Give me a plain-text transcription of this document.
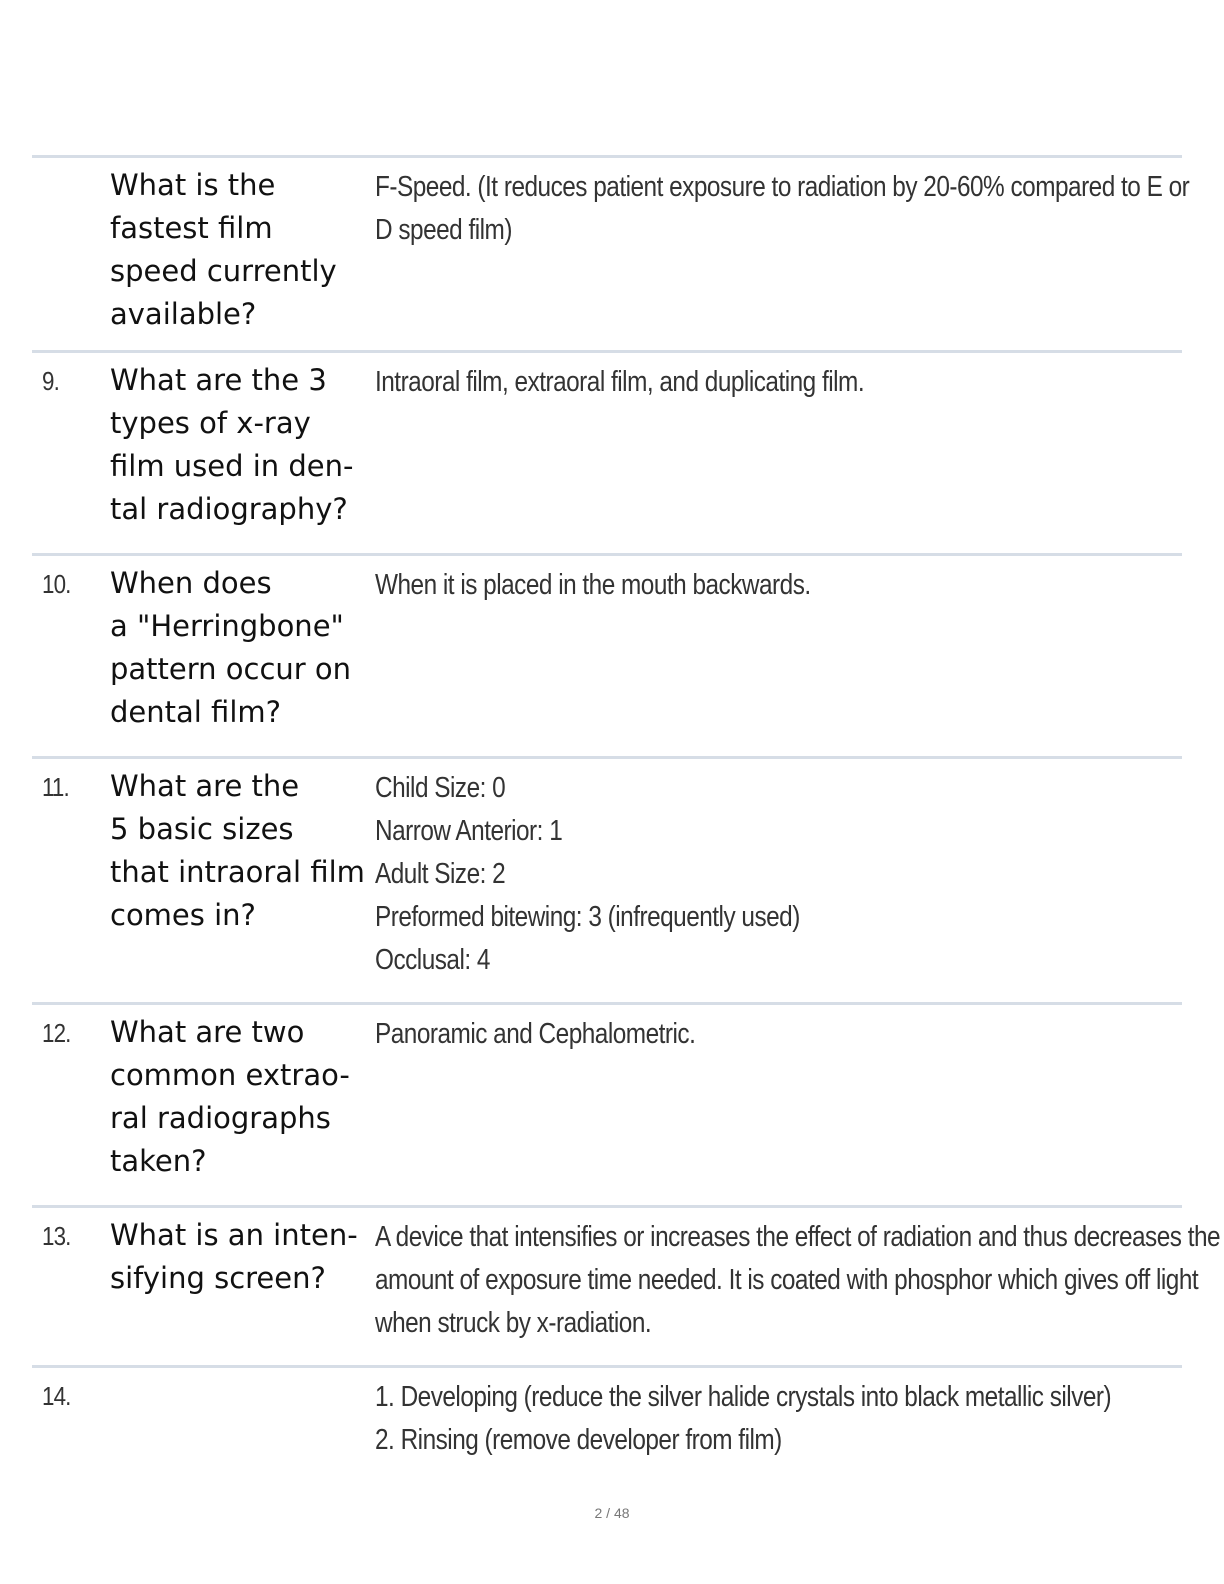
What is the
fastest film
speed currently
available?
F-Speed. (It reduces patient exposure to radiation by 20-60% compared to E or
D speed film)
9. What are the 3
types of x-ray
film used in den-
tal radiography?
Intraoral film, extraoral film, and duplicating film.
10. When does
a "Herringbone"
pattern occur on
dental film?
When it is placed in the mouth backwards.
11. What are the
5 basic sizes
that intraoral film
comes in?
Child Size: 0
Narrow Anterior: 1
Adult Size: 2
Preformed bitewing: 3 (infrequently used)
Occlusal: 4
12. What are two
common extrao-
ral radiographs
taken?
Panoramic and Cephalometric.
13. What is an inten-
sifying screen?
A device that intensifies or increases the effect of radiation and thus decreases the
amount of exposure time needed. It is coated with phosphor which gives off light
when struck by x-radiation.
14.	1. Developing (reduce the silver halide crystals into black metallic silver)
2. Rinsing (remove developer from film)
2 / 48
